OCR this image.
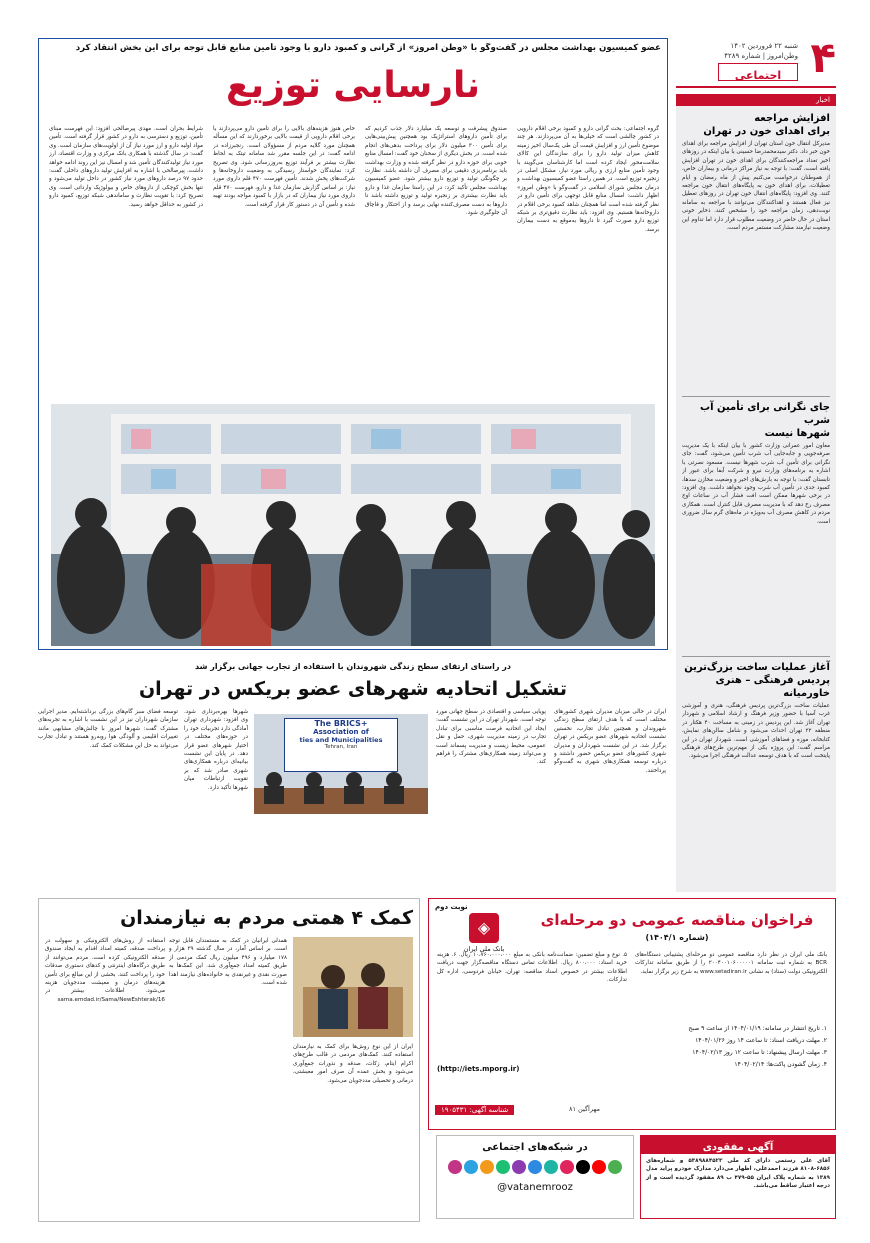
۴
شنبه ۲۲ فروردین ۱۴۰۲
وطن‌امروز | شماره ۴۲۸۹
اجتماعی
اخبار
افزایش مراجعه
برای اهدای خون در تهران
مدیرکل انتقال خون استان تهران از افزایش مراجعه برای اهدای خون خبر داد. دکتر سیدمحمدرضا حسینی با بیان اینکه در روزهای اخیر تعداد مراجعه‌کنندگان برای اهدای خون در تهران افزایش یافته است، گفت: با توجه به نیاز مراکز درمانی و بیماران خاص، از هموطنان درخواست می‌کنیم پیش از ماه رمضان و ایام تعطیلات، برای اهدای خون به پایگاه‌های انتقال خون مراجعه کنند. وی افزود: پایگاه‌های انتقال خون تهران در روزهای تعطیل نیز فعال هستند و اهداکنندگان می‌توانند با مراجعه به سامانه نوبت‌دهی، زمان مراجعه خود را مشخص کنند. ذخایر خونی استان در حال حاضر در وضعیت مطلوب قرار دارد اما تداوم این وضعیت نیازمند مشارکت مستمر مردم است.
جای نگرانی برای تأمین آب شرب
شهرها نیست
معاون امور عمرانی وزارت کشور با بیان اینکه با یک مدیریت صرفه‌جویی و جابه‌جایی آب شرب تأمین می‌شود، گفت: جای نگرانی برای تأمین آب شرب شهرها نیست. مسعود نصرتی با اشاره به برنامه‌های وزارت نیرو و شرکت آبفا برای عبور از تابستان گفت: با توجه به بارش‌های اخیر و وضعیت مخازن سدها، کمبود جدی در تأمین آب شرب وجود نخواهد داشت. وی افزود: در برخی شهرها ممکن است افت فشار آب در ساعات اوج مصرف رخ دهد که با مدیریت مصرف قابل کنترل است. همکاری مردم در کاهش مصرف آب به‌ویژه در ماه‌های گرم سال ضروری است.
آغاز عملیات ساخت بزرگ‌ترین
پردیس فرهنگی – هنری خاورمیانه
عملیات ساخت بزرگ‌ترین پردیس فرهنگی، هنری و آموزشی غرب آسیا با حضور وزیر فرهنگ و ارشاد اسلامی و شهردار تهران آغاز شد. این پردیس در زمینی به مساحت ۴۰ هکتار در منطقه ۲۲ تهران احداث می‌شود و شامل سالن‌های نمایش، کتابخانه، موزه و فضاهای آموزشی است. شهردار تهران در این مراسم گفت: این پروژه یکی از مهم‌ترین طرح‌های فرهنگی پایتخت است که با هدف توسعه عدالت فرهنگی اجرا می‌شود.
عضو کمیسیون بهداشت مجلس در گفت‌وگو با «وطن امروز» از گرانی و کمبود دارو با وجود تأمین منابع قابل توجه برای این بخش انتقاد کرد
نارسایی توزیع
گروه اجتماعی: بحث گرانی دارو و کمبود برخی اقلام دارویی در کشور چالشی است که خیلی‌ها به آن می‌پردازند. هر چند موضوع تأمین ارز و افزایش قیمت آن طی یک‌سال اخیر زمینه کاهش میزان تولید دارو را برای سازندگان این کالای سلامت‌محور ایجاد کرده است اما کارشناسان می‌گویند با وجود تأمین منابع ارزی و ریالی مورد نیاز، مشکل اصلی در زنجیره توزیع است. در همین راستا عضو کمیسیون بهداشت و درمان مجلس شورای اسلامی در گفت‌وگو با «وطن امروز» اظهار داشت: امسال منابع قابل توجهی برای تأمین دارو در نظر گرفته شده است اما همچنان شاهد کمبود برخی اقلام در داروخانه‌ها هستیم. وی افزود: باید نظارت دقیق‌تری بر شبکه توزیع دارو صورت گیرد تا داروها به‌موقع به دست بیماران برسد.
صندوق پیشرفت و توسعه یک میلیارد دلار جذب کردیم که برای تأمین داروهای استراتژیک بود همچنین پیش‌بینی‌هایی برای تأمین ۳۰۰ میلیون دلار برای پرداخت بدهی‌های انجام شده است. در بخش دیگری از سخنان خود گفت: امسال منابع خوبی برای حوزه دارو در نظر گرفته شده و وزارت بهداشت باید برنامه‌ریزی دقیقی برای مصرف آن داشته باشد. نظارت بر چگونگی تولید و توزیع دارو بیشتر شود. عضو کمیسیون بهداشت مجلس تأکید کرد: در این راستا سازمان غذا و دارو باید نظارت بیشتری بر زنجیره تولید و توزیع داشته باشد تا داروها به دست مصرف‌کننده نهایی برسد و از احتکار و قاچاق آن جلوگیری شود.
خاص هنوز هزینه‌های بالایی را برای تأمین دارو می‌پردازند یا برخی اقلام دارویی از قیمت بالایی برخوردارند که این مسأله همچنان مورد گلایه مردم از مسؤولان است. رنجبرزاده در ادامه گفت: در این جلسه مقرر شد سامانه تیتک به لحاظ نظارت بیشتر بر فرآیند توزیع به‌روزرسانی شود. وی تصریح کرد: نمایندگان خواستار رسیدگی به وضعیت داروخانه‌ها و شرکت‌های پخش شدند. تأمین فهرست ۴۷۰ قلم داروی مورد نیاز: بر اساس گزارش سازمان غذا و دارو، فهرست ۴۷۰ قلم داروی مورد نیاز بیماران که در بازار با کمبود مواجه بودند تهیه شده و تأمین آن در دستور کار قرار گرفته است.
شرایط بحران است. مهدی پیرصالحی افزود: این فهرست مبنای تأمین، توزیع و دسترسی به دارو در کشور قرار گرفته است. تأمین مواد اولیه دارو و ارز مورد نیاز آن از اولویت‌های سازمان است. وی گفت: در سال گذشته با همکاری بانک مرکزی و وزارت اقتصاد، ارز مورد نیاز تولیدکنندگان تأمین شد و امسال نیز این روند ادامه خواهد داشت. پیرصالحی با اشاره به افزایش تولید داروهای داخلی گفت: حدود ۹۷ درصد داروهای مورد نیاز کشور در داخل تولید می‌شود و تنها بخش کوچکی از داروهای خاص و بیولوژیک وارداتی است. وی تصریح کرد: با تقویت نظارت و ساماندهی شبکه توزیع، کمبود دارو در کشور به حداقل خواهد رسید.
در راستای ارتقای سطح زندگی شهروندان با استفاده از تجارب جهانی برگزار شد
تشکیل اتحادیه شهرهای عضو بریکس در تهران
ایران در حالی میزبان مدیران شهری کشورهای مختلف است که با هدف ارتقای سطح زندگی شهروندان و همچنین تبادل تجارب، نخستین نشست اتحادیه شهرهای عضو بریکس در تهران برگزار شد. در این نشست شهرداران و مدیران شهری کشورهای عضو بریکس حضور داشتند و درباره توسعه همکاری‌های شهری به گفت‌وگو پرداختند.
پویایی سیاسی و اقتصادی در سطح جهانی مورد توجه است. شهردار تهران در این نشست گفت: ایجاد این اتحادیه فرصت مناسبی برای تبادل تجارب در زمینه مدیریت شهری، حمل و نقل عمومی، محیط زیست و مدیریت پسماند است و می‌تواند زمینه همکاری‌های مشترک را فراهم کند.
The BRICS+
Association of
ties and Municipalities
Tehran, Iran
شهرها بهره‌برداری شود. وی افزود: شهرداری تهران آمادگی دارد تجربیات خود را در حوزه‌های مختلف در اختیار شهرهای عضو قرار دهد. در پایان این نشست بیانیه‌ای درباره همکاری‌های شهری صادر شد که بر تقویت ارتباطات میان شهرها تأکید دارد.
توسعه فضای سبز گام‌های بزرگی برداشته‌ایم. مدیر اجرایی سازمان شهرداران نیز در این نشست با اشاره به تجربه‌های مشترک گفت: شهرها امروز با چالش‌های مشابهی مانند تغییرات اقلیمی و آلودگی هوا روبه‌رو هستند و تبادل تجارب می‌تواند به حل این مشکلات کمک کند.
کمک ۴ همتی مردم به نیازمندان
استفاده از روش‌های الکترونیکی و سهولت در پرداخت صدقه، کمیته امداد اقدام به ایجاد صندوق صدقه الکترونیکی کرده است. مردم می‌توانند از طریق درگاه‌های اینترنتی و کدهای دستوری صدقات خود را پرداخت کنند. بخشی از این مبالغ برای تأمین هزینه‌های درمان و معیشت مددجویان هزینه می‌شود. اطلاعات بیشتر در sama.emdad.ir/Sama/NewEshterak/16
همدلی ایرانیان در کمک به مستمندان قابل توجه است. بر اساس آمار، در سال گذشته ۳۹ هزار و ۱۷۸ میلیارد و ۴۹۶ میلیون ریال کمک مردمی از طریق کمیته امداد جمع‌آوری شد. این کمک‌ها به صورت نقدی و غیرنقدی به خانواده‌های نیازمند اهدا شده است.
ایران از این نوع روش‌ها برای کمک به نیازمندان استفاده کنند. کمک‌های مردمی در قالب طرح‌های اکرام ایتام، زکات، صدقه و نذورات جمع‌آوری می‌شود و بخش عمده آن صرف امور معیشتی، درمانی و تحصیلی مددجویان می‌شود.
نوبت دوم
فراخوان مناقصه عمومی دو مرحله‌ای
(شماره ۱۴۰۴/۱)
◈
بانک ملی ایران
بانک ملی ایران در نظر دارد مناقصه عمومی دو مرحله‌ای پشتیبانی دستگاه‌های BCR به شماره ثبت سامانه ۲۰۰۴۰۰۱۰۶۰۰۰۰۰۱ را از طریق سامانه تدارکات الکترونیکی دولت (ستاد) به نشانی www.setadiran.ir به شرح زیر برگزار نماید.
۱. تاریخ انتشار در سامانه: ۱۴۰۴/۰۱/۱۹ از ساعت ۹ صبح
۲. مهلت دریافت اسناد: تا ساعت ۱۴ روز ۱۴۰۴/۰۱/۲۶
۳. مهلت ارسال پیشنهاد: تا ساعت ۱۲ روز ۱۴۰۴/۰۲/۱۳
۴. زمان گشودن پاکت‌ها: ۱۴۰۴/۰۲/۱۴
۵. نوع و مبلغ تضمین: ضمانت‌نامه بانکی به مبلغ ۱۰،۷۶۰،۰۰۰،۰۰۰ ریال. ۶. هزینه خرید اسناد: ۸۰۰،۰۰۰ ریال. اطلاعات تماس دستگاه مناقصه‌گزار جهت دریافت اطلاعات بیشتر در خصوص اسناد مناقصه: تهران، خیابان فردوسی، اداره کل تدارکات.
(http://iets.mporg.ir)
شناسه آگهی: ۱۹۰۵۴۳۱	مهرآگین ۸۱
در شبکه‌های اجتماعی
@vatanemrooz
آگهی مفقودی
آقای علی رستمی دارای کد ملی ۵۳۸۹۸۸۴۵۲۳ و شماره‌های ۶۸۵۶-۸۱۰۸ فرزند احمدعلی، اظهار می‌دارد مدارک خودرو پراید مدل ۱۳۸۹ به شماره پلاک ایران ۵۵-۴۷۹ ب ۸۹ مفقود گردیده است و از درجه اعتبار ساقط می‌باشد.
